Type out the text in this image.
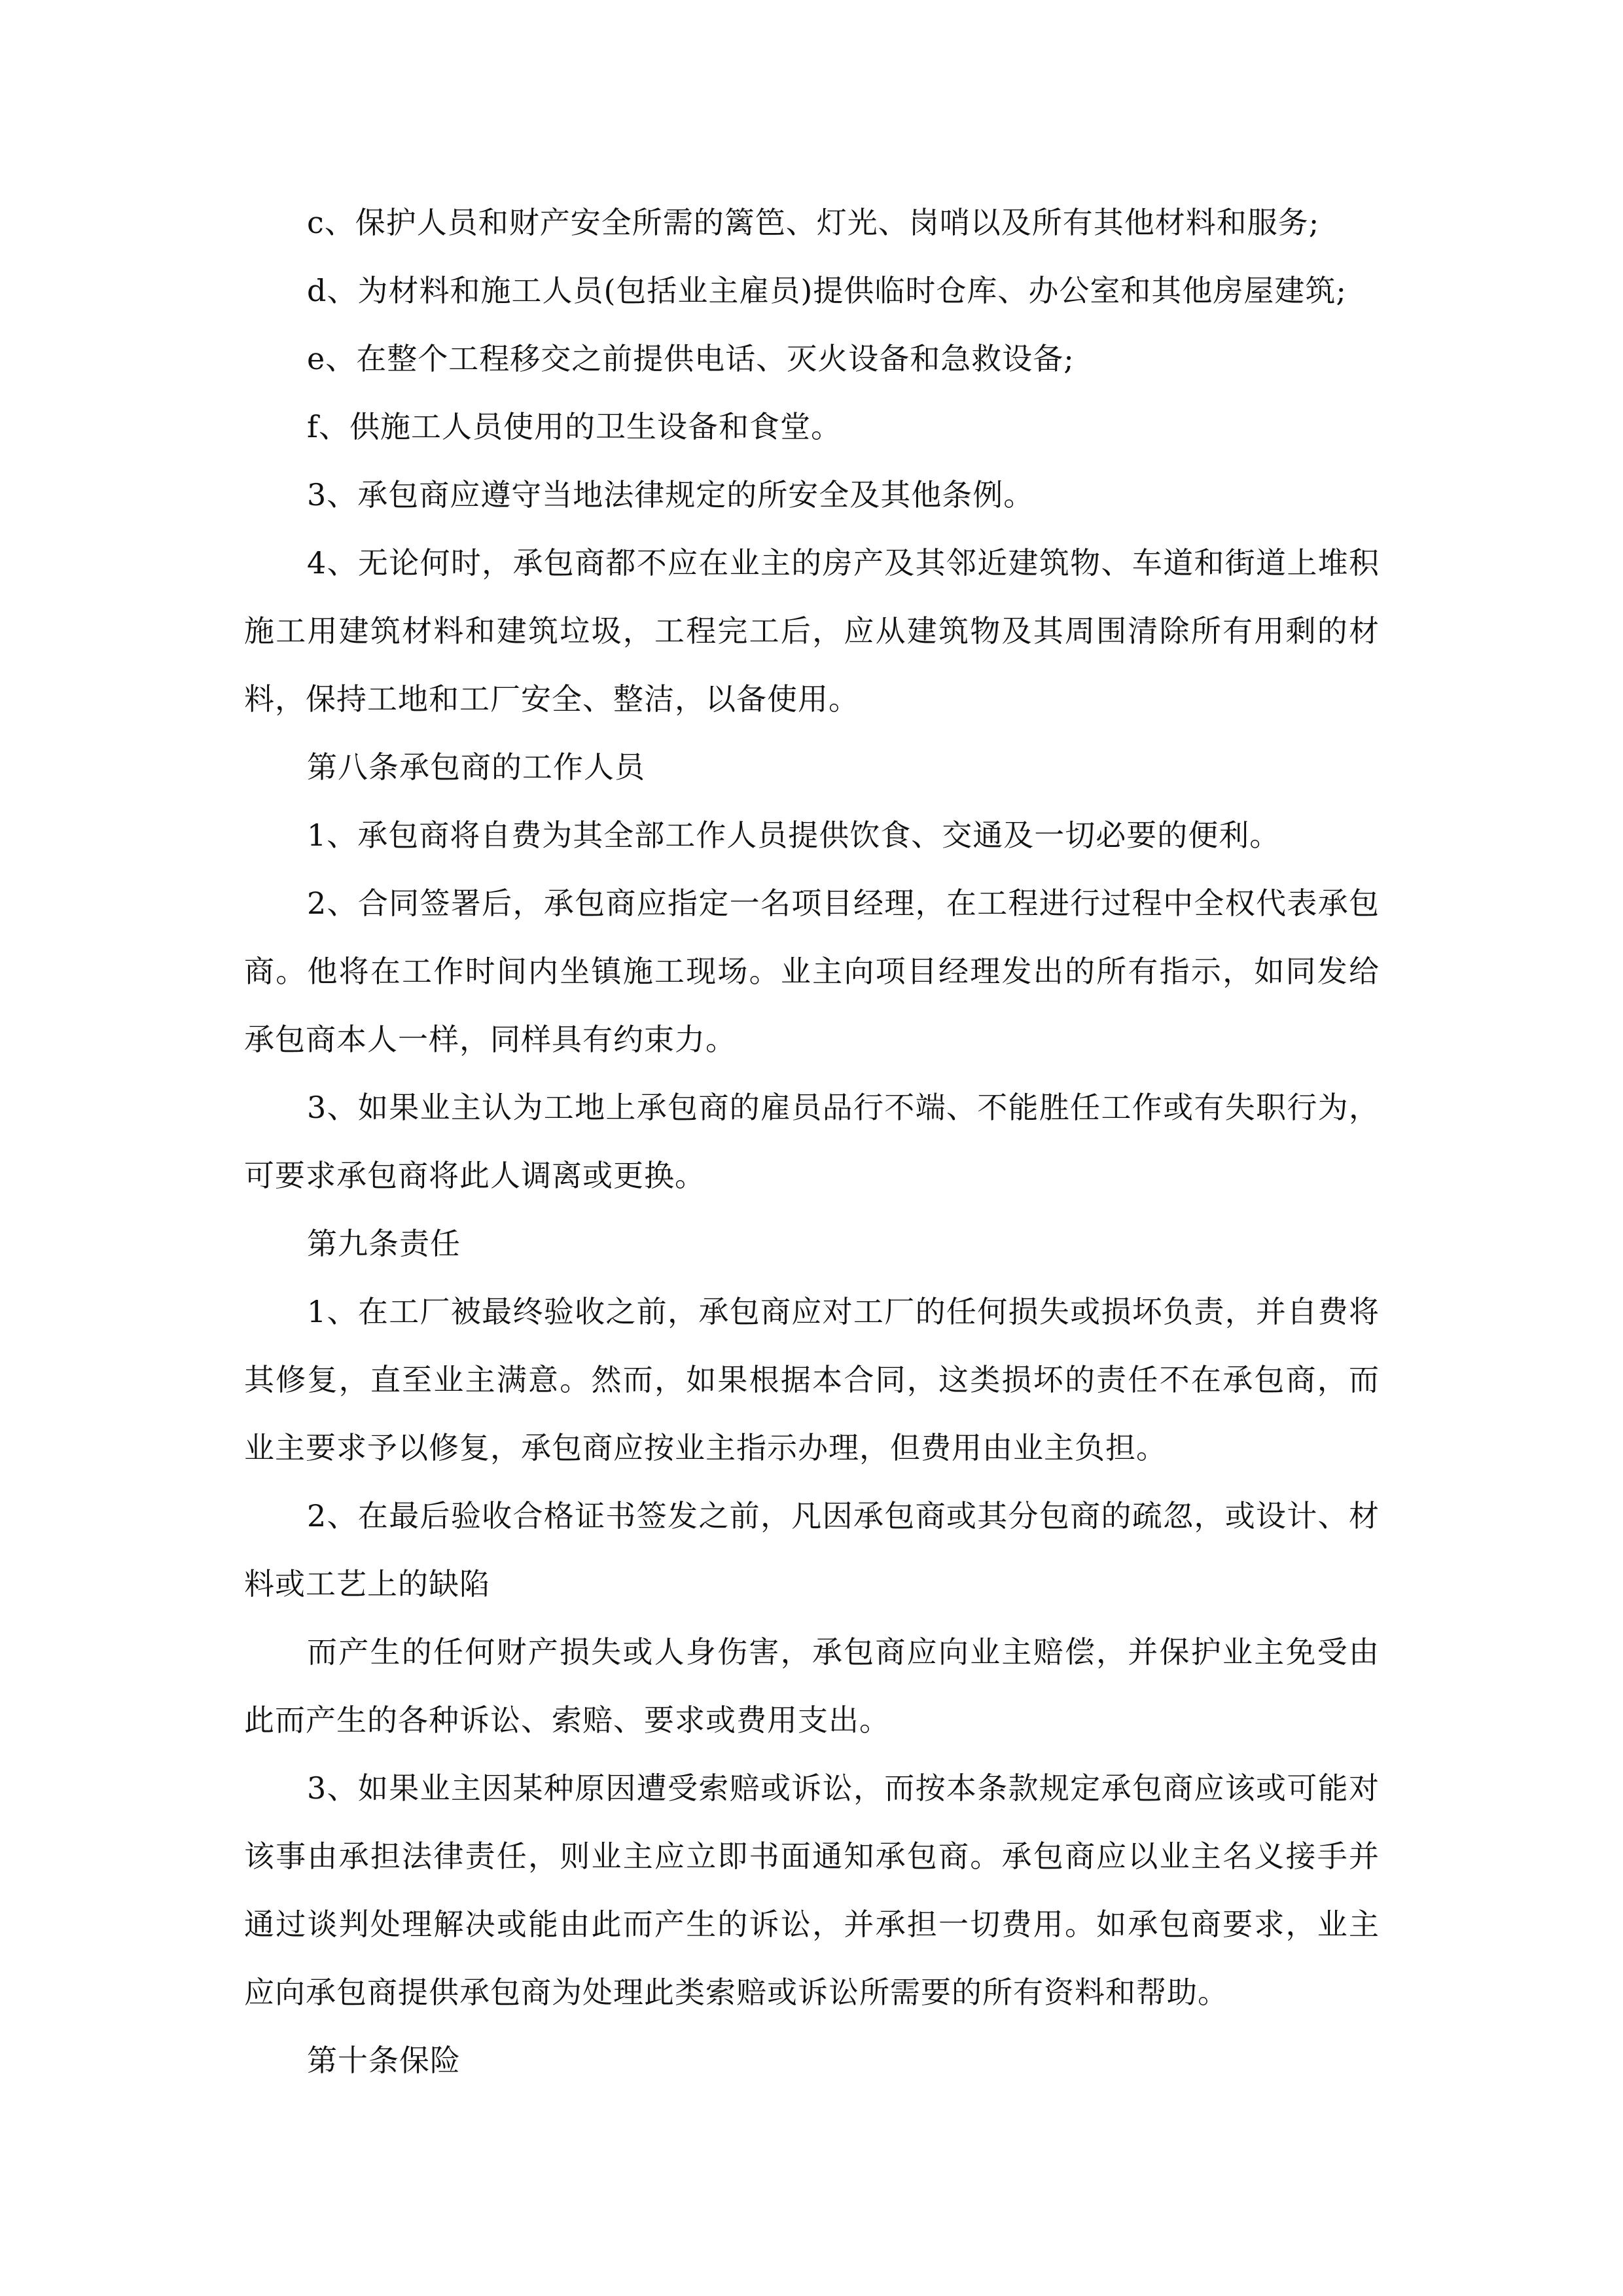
c、保护人员和财产安全所需的篱笆、灯光、岗哨以及所有其他材料和服务;

d、为材料和施工人员(包括业主雇员)提供临时仓库、办公室和其他房屋建筑;

e、在整个工程移交之前提供电话、灭火设备和急救设备;

f、供施工人员使用的卫生设备和食堂。

3、承包商应遵守当地法律规定的所安全及其他条例。

4、无论何时，承包商都不应在业主的房产及其邻近建筑物、车道和街道上堆积施工用建筑材料和建筑垃圾，工程完工后，应从建筑物及其周围清除所有用剩的材料，保持工地和工厂安全、整洁，以备使用。

第八条承包商的工作人员

1、承包商将自费为其全部工作人员提供饮食、交通及一切必要的便利。

2、合同签署后，承包商应指定一名项目经理，在工程进行过程中全权代表承包商。他将在工作时间内坐镇施工现场。业主向项目经理发出的所有指示，如同发给承包商本人一样，同样具有约束力。

3、如果业主认为工地上承包商的雇员品行不端、不能胜任工作或有失职行为，可要求承包商将此人调离或更换。

第九条责任

1、在工厂被最终验收之前，承包商应对工厂的任何损失或损坏负责，并自费将其修复，直至业主满意。然而，如果根据本合同，这类损坏的责任不在承包商，而业主要求予以修复，承包商应按业主指示办理，但费用由业主负担。

2、在最后验收合格证书签发之前，凡因承包商或其分包商的疏忽，或设计、材料或工艺上的缺陷

而产生的任何财产损失或人身伤害，承包商应向业主赔偿，并保护业主免受由此而产生的各种诉讼、索赔、要求或费用支出。

3、如果业主因某种原因遭受索赔或诉讼，而按本条款规定承包商应该或可能对该事由承担法律责任，则业主应立即书面通知承包商。承包商应以业主名义接手并通过谈判处理解决或能由此而产生的诉讼，并承担一切费用。如承包商要求，业主应向承包商提供承包商为处理此类索赔或诉讼所需要的所有资料和帮助。

第十条保险
